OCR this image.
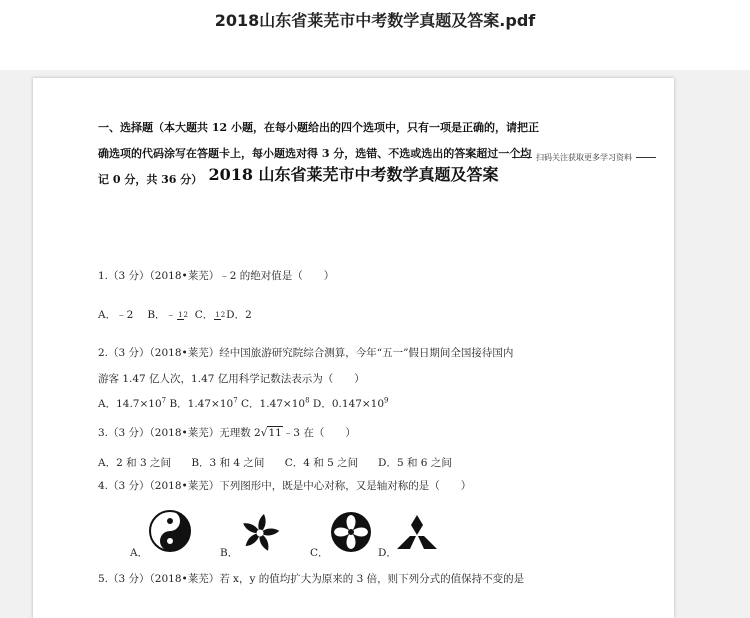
2018山东省莱芜市中考数学真题及答案.pdf
扫码关注获取更多学习资料
2018 山东省莱芜市中考数学真题及答案
一、选择题（本大题共 12 小题，在每小题给出的四个选项中，只有一项是正确的，请把正
确选项的代码涂写在答题卡上，每小题选对得 3 分，选错、不选或选出的答案超过一个均
记 0 分，共 36 分）
1.（3 分）（2018•莱芜）﹣2 的绝对值是（　　）
A．﹣2 B．﹣ 12 C． 12D．2
2.（3 分）（2018•莱芜）经中国旅游研究院综合测算，今年“五一”假日期间全国接待国内
游客 1.47 亿人次，1.47 亿用科学记数法表示为（　　）
A．$14.7\times 10^7$ B．$1.47\times 10^7$ C．$1.47\times 10^8$ D．$0.147\times 10^9$
3.（3 分）（2018•莱芜）无理数 2√11﹣3 在（　　）
A．2 和 3 之间 B．3 和 4 之间 C．4 和 5 之间 D．5 和 6 之间
4.（3 分）（2018•莱芜）下列图形中，既是中心对称，又是轴对称的是（　　）
A．	B．	C．	D．
5.（3 分）（2018•莱芜）若 x，y 的值均扩大为原来的 3 倍，则下列分式的值保持不变的是
